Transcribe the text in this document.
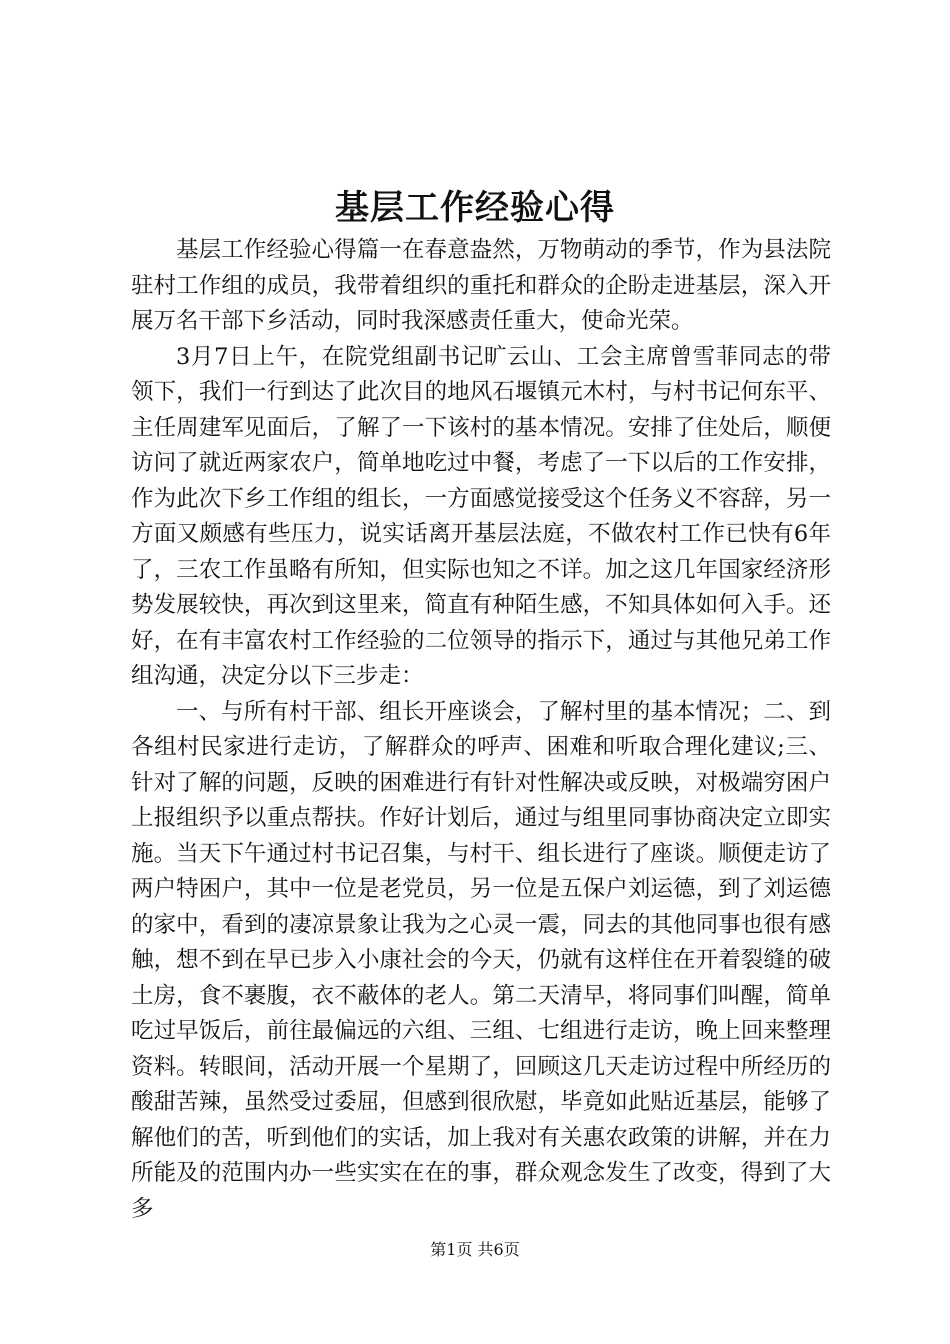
基层工作经验心得

基层工作经验心得篇一在春意盎然，万物萌动的季节，作为县法院驻村工作组的成员，我带着组织的重托和群众的企盼走进基层，深入开展万名干部下乡活动，同时我深感责任重大，使命光荣。

3月7日上午，在院党组副书记旷云山、工会主席曾雪菲同志的带领下，我们一行到达了此次目的地风石堰镇元木村，与村书记何东平、主任周建军见面后，了解了一下该村的基本情况。安排了住处后，顺便访问了就近两家农户，简单地吃过中餐，考虑了一下以后的工作安排，作为此次下乡工作组的组长，一方面感觉接受这个任务义不容辞，另一方面又颇感有些压力，说实话离开基层法庭，不做农村工作已快有6年了，三农工作虽略有所知，但实际也知之不详。加之这几年国家经济形势发展较快，再次到这里来，简直有种陌生感，不知具体如何入手。还好，在有丰富农村工作经验的二位领导的指示下，通过与其他兄弟工作组沟通，决定分以下三步走：

一、与所有村干部、组长开座谈会，了解村里的基本情况；二、到各组村民家进行走访，了解群众的呼声、困难和听取合理化建议;三、针对了解的问题，反映的困难进行有针对性解决或反映，对极端穷困户上报组织予以重点帮扶。作好计划后，通过与组里同事协商决定立即实施。当天下午通过村书记召集，与村干、组长进行了座谈。顺便走访了两户特困户，其中一位是老党员，另一位是五保户刘运德，到了刘运德的家中，看到的凄凉景象让我为之心灵一震，同去的其他同事也很有感触，想不到在早已步入小康社会的今天，仍就有这样住在开着裂缝的破土房，食不裹腹，衣不蔽体的老人。第二天清早，将同事们叫醒，简单吃过早饭后，前往最偏远的六组、三组、七组进行走访，晚上回来整理资料。转眼间，活动开展一个星期了，回顾这几天走访过程中所经历的酸甜苦辣，虽然受过委屈，但感到很欣慰，毕竟如此贴近基层，能够了解他们的苦，听到他们的实话，加上我对有关惠农政策的讲解，并在力所能及的范围内办一些实实在在的事，群众观念发生了改变，得到了大多

第1页 共6页
